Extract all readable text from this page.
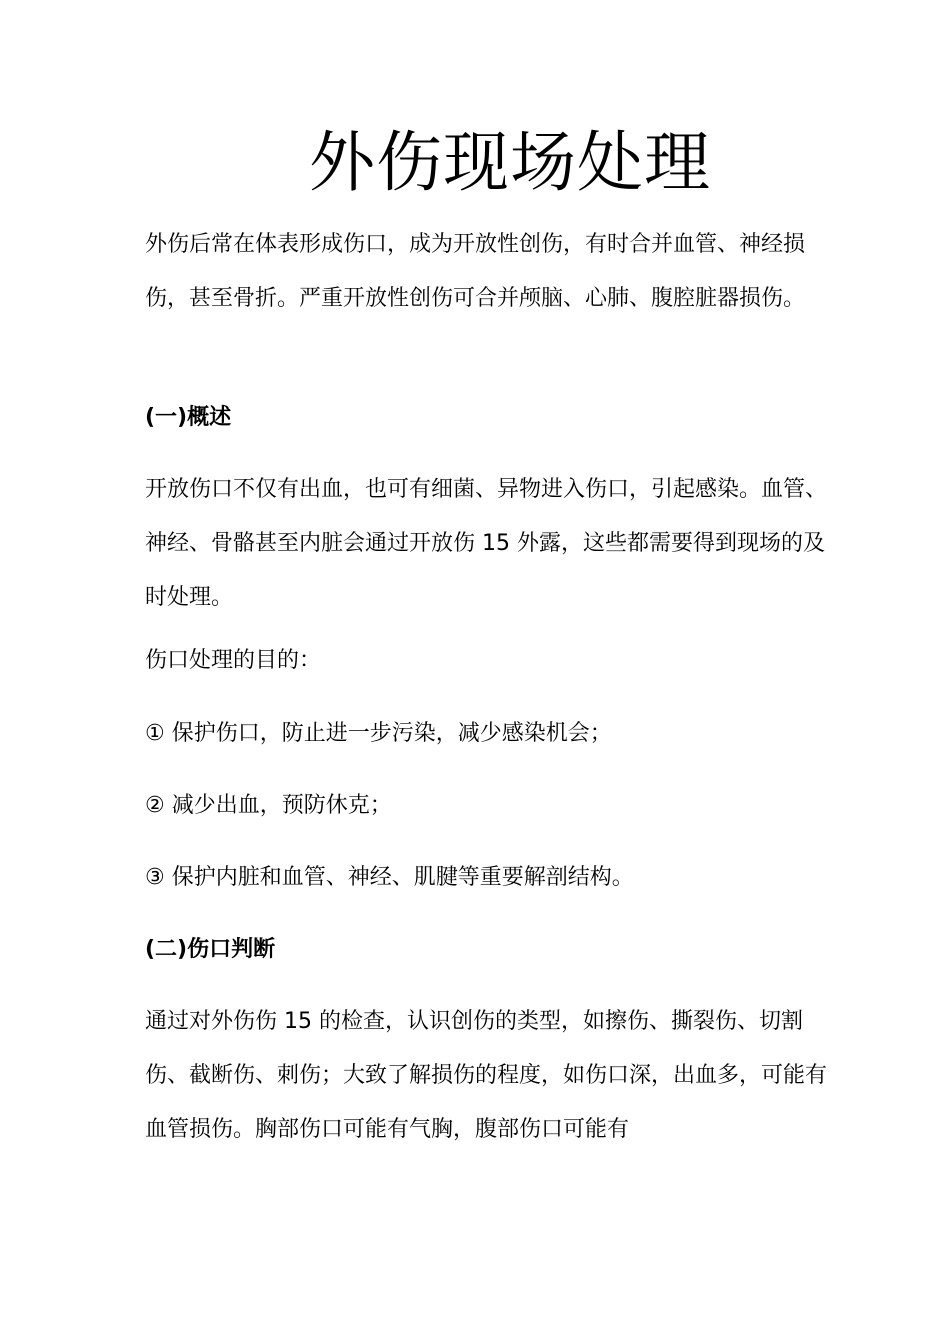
外伤现场处理

外伤后常在体表形成伤口，成为开放性创伤，有时合并血管、神经损伤，甚至骨折。严重开放性创伤可合并颅脑、心肺、腹腔脏器损伤。

(一)概述

开放伤口不仅有出血，也可有细菌、异物进入伤口，引起感染。血管、神经、骨骼甚至内脏会通过开放伤 15 外露，这些都需要得到现场的及时处理。

伤口处理的目的：

① 保护伤口，防止进一步污染，减少感染机会；

② 减少出血，预防休克；

③ 保护内脏和血管、神经、肌腱等重要解剖结构。

(二)伤口判断

通过对外伤伤 15 的检查，认识创伤的类型，如擦伤、撕裂伤、切割伤、截断伤、刺伤；大致了解损伤的程度，如伤口深，出血多，可能有血管损伤。胸部伤口可能有气胸，腹部伤口可能有
